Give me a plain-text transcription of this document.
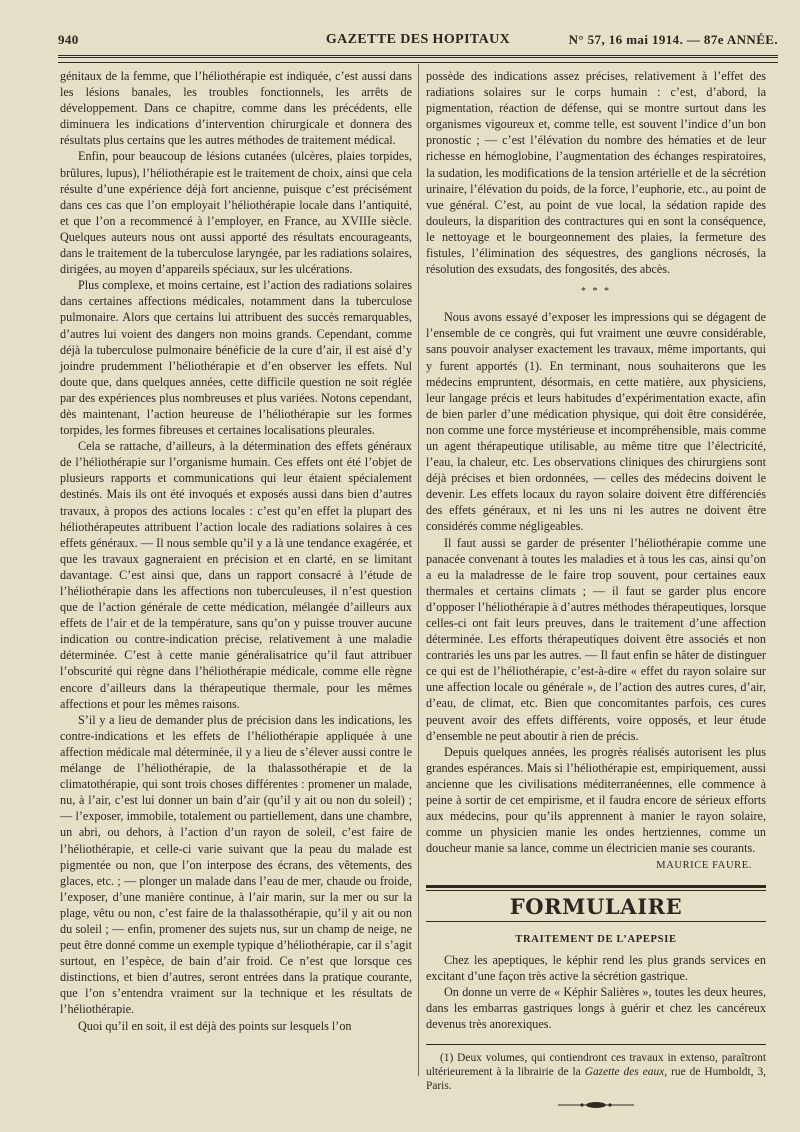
940	GAZETTE DES HOPITAUX	N° 57, 16 mai 1914. — 87e ANNÉE.

génitaux de la femme, que l’héliothérapie est indiquée, c’est aussi dans les lésions banales, les troubles fonctionnels, les arrêts de développement. Dans ce chapitre, comme dans les précédents, elle diminuera les indications d’intervention chirurgicale et donnera des résultats plus certains que les autres méthodes de traitement médical.

Enfin, pour beaucoup de lésions cutanées (ulcères, plaies torpides, brûlures, lupus), l’héliothérapie est le traitement de choix, ainsi que cela résulte d’une expérience déjà fort ancienne, puisque c’est précisément dans ces cas que l’on employait l’héliothérapie locale dans l’antiquité, et que l’on a recommencé à l’employer, en France, au XVIIIe siècle. Quelques auteurs nous ont aussi apporté des résultats encourageants, dans le traitement de la tuberculose laryngée, par les radiations solaires, dirigées, au moyen d’appareils spéciaux, sur les ulcérations.

Plus complexe, et moins certaine, est l’action des radiations solaires dans certaines affections médicales, notamment dans la tuberculose pulmonaire. Alors que certains lui attribuent des succès remarquables, d’autres lui voient des dangers non moins grands. Cependant, comme déjà la tuberculose pulmonaire bénéficie de la cure d’air, il est aisé d’y joindre prudemment l’héliothérapie et d’en observer les effets. Nul doute que, dans quelques années, cette difficile question ne soit réglée par des expériences plus nombreuses et plus variées. Notons cependant, dès maintenant, l’action heureuse de l’héliothérapie sur les formes torpides, les formes fibreuses et certaines localisations pleurales.

Cela se rattache, d’ailleurs, à la détermination des effets généraux de l’héliothérapie sur l’organisme humain. Ces effets ont été l’objet de plusieurs rapports et communications qui leur étaient spécialement destinés. Mais ils ont été invoqués et exposés aussi dans bien d’autres travaux, à propos des actions locales : c’est qu’en effet la plupart des héliothérapeutes attribuent l’action locale des radiations solaires à ces effets généraux. — Il nous semble qu’il y a là une tendance exagérée, et que les travaux gagneraient en précision et en clarté, en se limitant davantage. C’est ainsi que, dans un rapport consacré à l’étude de l’héliothérapie dans les affections non tuberculeuses, il n’est question que de l’action générale de cette médication, mélangée d’ailleurs aux effets de l’air et de la température, sans qu’on y puisse trouver aucune indication ou contre-indication précise, relativement à une maladie déterminée. C’est à cette manie généralisatrice qu’il faut attribuer l’obscurité qui règne dans l’héliothérapie médicale, comme elle règne encore d’ailleurs dans la thérapeutique thermale, pour les mêmes affections et pour les mêmes raisons.

S’il y a lieu de demander plus de précision dans les indications, les contre-indications et les effets de l’héliothérapie appliquée à une affection médicale mal déterminée, il y a lieu de s’élever aussi contre le mélange de l’héliothérapie, de la thalassothérapie et de la climatothérapie, qui sont trois choses différentes : promener un malade, nu, à l’air, c’est lui donner un bain d’air (qu’il y ait ou non du soleil) ; — l’exposer, immobile, totalement ou partiellement, dans une chambre, un abri, ou dehors, à l’action d’un rayon de soleil, c’est faire de l’héliothérapie, et celle-ci varie suivant que la peau du malade est pigmentée ou non, que l’on interpose des écrans, des vêtements, des glaces, etc. ; — plonger un malade dans l’eau de mer, chaude ou froide, l’exposer, d’une manière continue, à l’air marin, sur la mer ou sur la plage, vêtu ou non, c’est faire de la thalassothérapie, qu’il y ait ou non du soleil ; — enfin, promener des sujets nus, sur un champ de neige, ne peut être donné comme un exemple typique d’héliothérapie, car il s’agit surtout, en l’espèce, de bain d’air froid. Ce n’est que lorsque ces distinctions, et bien d’autres, seront entrées dans la pratique courante, que l’on s’entendra vraiment sur la technique et les résultats de l’héliothérapie.

Quoi qu’il en soit, il est déjà des points sur lesquels l’on

possède des indications assez précises, relativement à l’effet des radiations solaires sur le corps humain : c’est, d’abord, la pigmentation, réaction de défense, qui se montre surtout dans les organismes vigoureux et, comme telle, est souvent l’indice d’un bon pronostic ; — c’est l’élévation du nombre des hématies et de leur richesse en hémoglobine, l’augmentation des échanges respiratoires, la sudation, les modifications de la tension artérielle et de la sécrétion urinaire, l’élévation du poids, de la force, l’euphorie, etc., au point de vue général. C’est, au point de vue local, la sédation rapide des douleurs, la disparition des contractures qui en sont la conséquence, le nettoyage et le bourgeonnement des plaies, la fermeture des fistules, l’élimination des séquestres, des ganglions nécrosés, la résolution des exsudats, des fongosités, des abcès.

* * *

Nous avons essayé d’exposer les impressions qui se dégagent de l’ensemble de ce congrès, qui fut vraiment une œuvre considérable, sans pouvoir analyser exactement les travaux, même importants, qui y furent apportés (1). En terminant, nous souhaiterons que les médecins empruntent, désormais, en cette matière, aux physiciens, leur langage précis et leurs habitudes d’expérimentation exacte, afin de bien parler d’une médication physique, qui doit être considérée, non comme une force mystérieuse et incompréhensible, mais comme un agent thérapeutique utilisable, au même titre que l’électricité, l’eau, la chaleur, etc. Les observations cliniques des chirurgiens sont déjà précises et bien ordonnées, — celles des médecins doivent le devenir. Les effets locaux du rayon solaire doivent être différenciés des effets généraux, et ni les uns ni les autres ne doivent être considérés comme négligeables.

Il faut aussi se garder de présenter l’héliothérapie comme une panacée convenant à toutes les maladies et à tous les cas, ainsi qu’on a eu la maladresse de le faire trop souvent, pour certaines eaux thermales et certains climats ; — il faut se garder plus encore d’opposer l’héliothérapie à d’autres méthodes thérapeutiques, lorsque celles-ci ont fait leurs preuves, dans le traitement d’une affection déterminée. Les efforts thérapeutiques doivent être associés et non contrariés les uns par les autres. — Il faut enfin se hâter de distinguer ce qui est de l’héliothérapie, c’est-à-dire « effet du rayon solaire sur une affection locale ou générale », de l’action des autres cures, d’air, d’eau, de climat, etc. Bien que concomitantes parfois, ces cures peuvent avoir des effets différents, voire opposés, et leur étude d’ensemble ne peut aboutir à rien de précis.

Depuis quelques années, les progrès réalisés autorisent les plus grandes espérances. Mais si l’héliothérapie est, empiriquement, aussi ancienne que les civilisations méditerranéennes, elle commence à peine à sortir de cet empirisme, et il faudra encore de sérieux efforts aux médecins, pour qu’ils apprennent à manier le rayon solaire, comme un physicien manie les ondes hertziennes, comme un doucheur manie sa lance, comme un électricien manie ses courants.

MAURICE FAURE.
FORMULAIRE
TRAITEMENT DE L’APEPSIE

Chez les apeptiques, le képhir rend les plus grands services en excitant d’une façon très active la sécrétion gastrique.

On donne un verre de « Képhir Salières », toutes les deux heures, dans les embarras gastriques longs à guérir et chez les cancéreux devenus très anorexiques.

(1) Deux volumes, qui contiendront ces travaux in extenso, paraîtront ultérieurement à la librairie de la Gazette des eaux, rue de Humboldt, 3, Paris.
